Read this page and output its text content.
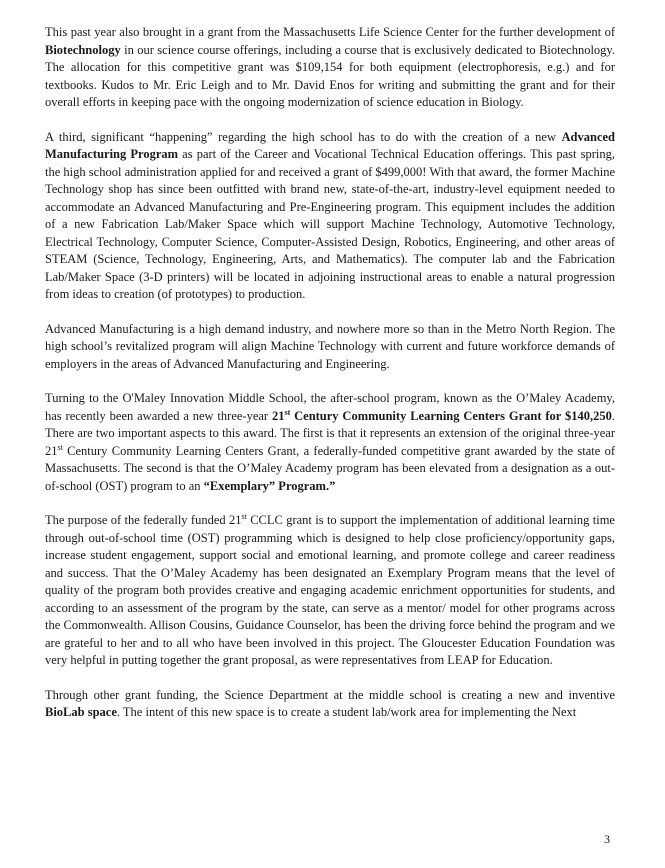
This past year also brought in a grant from the Massachusetts Life Science Center for the further development of Biotechnology in our science course offerings, including a course that is exclusively dedicated to Biotechnology. The allocation for this competitive grant was $109,154 for both equipment (electrophoresis, e.g.) and for textbooks. Kudos to Mr. Eric Leigh and to Mr. David Enos for writing and submitting the grant and for their overall efforts in keeping pace with the ongoing modernization of science education in Biology.

A third, significant “happening” regarding the high school has to do with the creation of a new Advanced Manufacturing Program as part of the Career and Vocational Technical Education offerings. This past spring, the high school administration applied for and received a grant of $499,000! With that award, the former Machine Technology shop has since been outfitted with brand new, state-of-the-art, industry-level equipment needed to accommodate an Advanced Manufacturing and Pre-Engineering program. This equipment includes the addition of a new Fabrication Lab/Maker Space which will support Machine Technology, Automotive Technology, Electrical Technology, Computer Science, Computer-Assisted Design, Robotics, Engineering, and other areas of STEAM (Science, Technology, Engineering, Arts, and Mathematics). The computer lab and the Fabrication Lab/Maker Space (3-D printers) will be located in adjoining instructional areas to enable a natural progression from ideas to creation (of prototypes) to production.

Advanced Manufacturing is a high demand industry, and nowhere more so than in the Metro North Region. The high school’s revitalized program will align Machine Technology with current and future workforce demands of employers in the areas of Advanced Manufacturing and Engineering.

Turning to the O'Maley Innovation Middle School, the after-school program, known as the O’Maley Academy, has recently been awarded a new three-year 21st Century Community Learning Centers Grant for $140,250. There are two important aspects to this award. The first is that it represents an extension of the original three-year 21st Century Community Learning Centers Grant, a federally-funded competitive grant awarded by the state of Massachusetts. The second is that the O’Maley Academy program has been elevated from a designation as a out-of-school (OST) program to an “Exemplary” Program.”

The purpose of the federally funded 21st CCLC grant is to support the implementation of additional learning time through out-of-school time (OST) programming which is designed to help close proficiency/opportunity gaps, increase student engagement, support social and emotional learning, and promote college and career readiness and success. That the O’Maley Academy has been designated an Exemplary Program means that the level of quality of the program both provides creative and engaging academic enrichment opportunities for students, and according to an assessment of the program by the state, can serve as a mentor/ model for other programs across the Commonwealth. Allison Cousins, Guidance Counselor, has been the driving force behind the program and we are grateful to her and to all who have been involved in this project. The Gloucester Education Foundation was very helpful in putting together the grant proposal, as were representatives from LEAP for Education.

Through other grant funding, the Science Department at the middle school is creating a new and inventive BioLab space. The intent of this new space is to create a student lab/work area for implementing the Next

3
